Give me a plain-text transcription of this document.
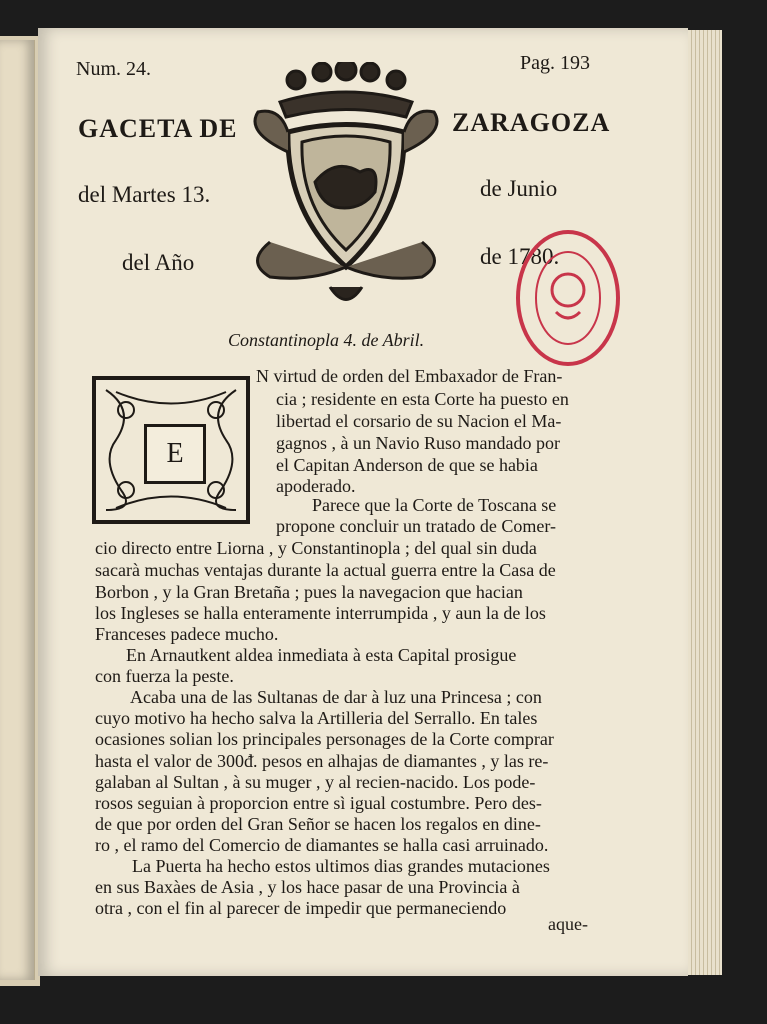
Num. 24.	Pag. 193
GACETA DE	ZARAGOZA
del Martes 13.	de Junio
del Año	de 1780.
Constantinopla 4. de Abril.
E
N virtud de orden del Embaxador de Fran-
cia ; residente en esta Corte ha puesto en
libertad el corsario de su Nacion el Ma-
gagnos , à un Navio Ruso mandado por
el Capitan Anderson de que se habia
apoderado.
Parece que la Corte de Toscana se
propone concluir un tratado de Comer-
cio directo entre Liorna , y Constantinopla ; del qual sin duda
sacarà muchas ventajas durante la actual guerra entre la Casa de
Borbon , y la Gran Bretaña ; pues la navegacion que hacian
los Ingleses se halla enteramente interrumpida , y aun la de los
Franceses padece mucho.
En Arnautkent aldea inmediata à esta Capital prosigue
con fuerza la peste.
Acaba una de las Sultanas de dar à luz una Princesa ; con
cuyo motivo ha hecho salva la Artilleria del Serrallo. En tales
ocasiones solian los principales personages de la Corte comprar
hasta el valor de 300ᵭ. pesos en alhajas de diamantes , y las re-
galaban al Sultan , à su muger , y al recien-nacido. Los pode-
rosos seguian à proporcion entre sì igual costumbre. Pero des-
de que por orden del Gran Señor se hacen los regalos en dine-
ro , el ramo del Comercio de diamantes se halla casi arruinado.
La Puerta ha hecho estos ultimos dias grandes mutaciones
en sus Baxàes de Asia , y los hace pasar de una Provincia à
otra , con el fin al parecer de impedir que permaneciendo
aque-
